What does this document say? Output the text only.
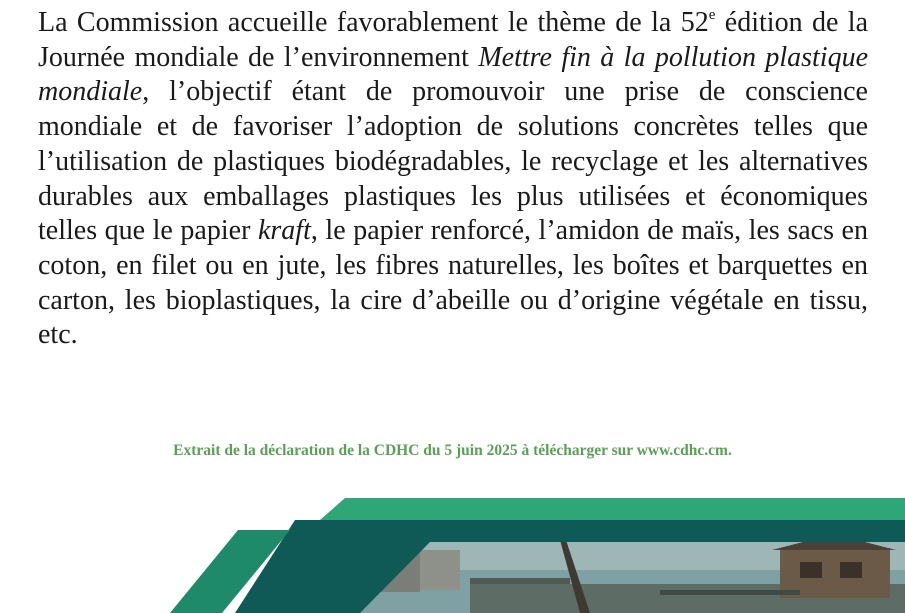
La Commission accueille favorablement le thème de la 52e édition de la Journée mondiale de l’environnement Mettre fin à la pollution plastique mondiale, l’objectif étant de promouvoir une prise de conscience mondiale et de favoriser l’adoption de solutions concrètes telles que l’utilisation de plastiques biodégradables, le recyclage et les alternatives durables aux emballages plastiques les plus utilisées et économiques telles que le papier kraft, le papier renforcé, l’amidon de maïs, les sacs en coton, en filet ou en jute, les fibres naturelles, les boîtes et barquettes en carton, les bioplastiques, la cire d’abeille ou d’origine végétale en tissu, etc.

Extrait de la déclaration de la CDHC du 5 juin 2025 à télécharger sur www.cdhc.cm.
